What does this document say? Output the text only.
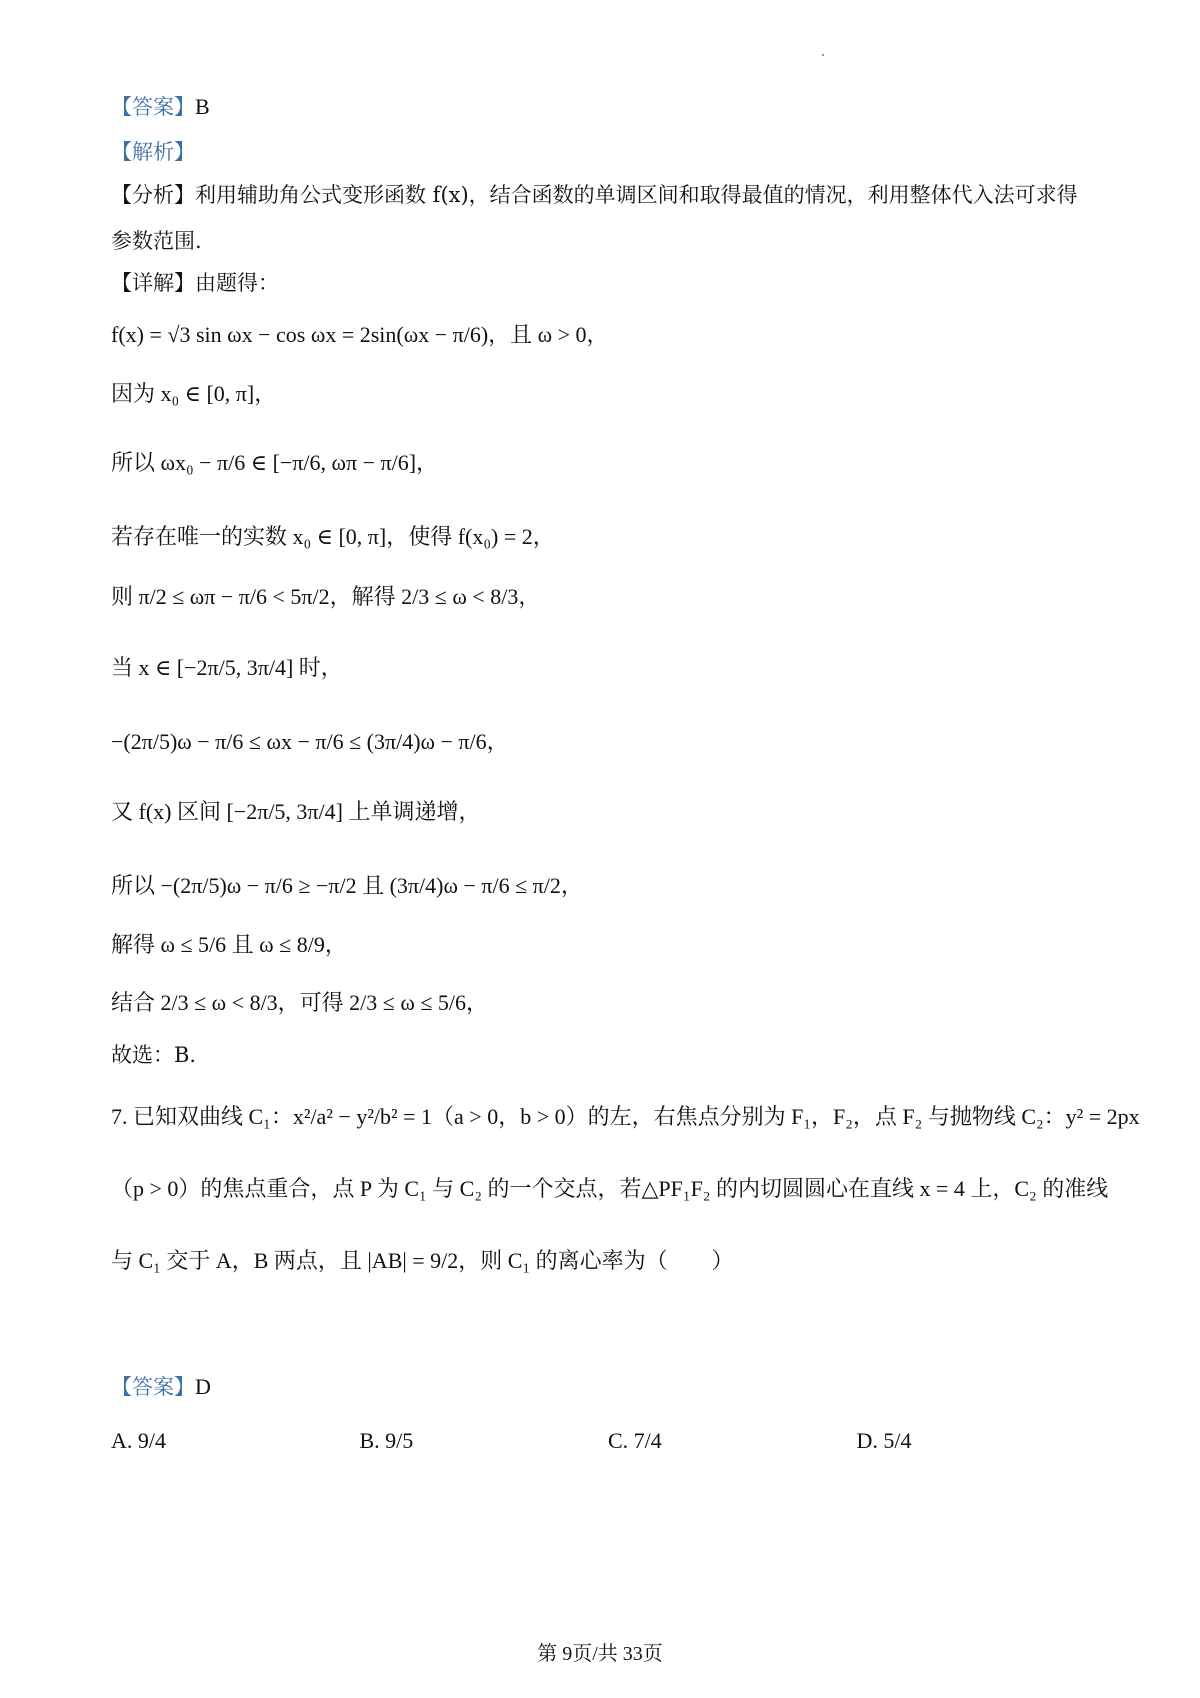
【答案】B
【解析】
【分析】利用辅助角公式变形函数 f(x)，结合函数的单调区间和取得最值的情况，利用整体代入法可求得
参数范围.
【详解】由题得：
f(x) = √3 sin ωx − cos ωx = 2sin(ωx − π/6)，且 ω > 0，
因为 x₀ ∈ [0, π]，
所以 ωx₀ − π/6 ∈ [−π/6, ωπ − π/6]，
若存在唯一的实数 x₀ ∈ [0, π]，使得 f(x₀) = 2，
则 π/2 ≤ ωπ − π/6 < 5π/2，解得 2/3 ≤ ω < 8/3，
当 x ∈ [−2π/5, 3π/4] 时，
−(2π/5)ω − π/6 ≤ ωx − π/6 ≤ (3π/4)ω − π/6，
又 f(x) 区间 [−2π/5, 3π/4] 上单调递增，
所以 −(2π/5)ω − π/6 ≥ −π/2 且 (3π/4)ω − π/6 ≤ π/2，
解得 ω ≤ 5/6 且 ω ≤ 8/9，
结合 2/3 ≤ ω < 8/3，可得 2/3 ≤ ω ≤ 5/6，
故选：B.
7. 已知双曲线 C₁：x²/a² − y²/b² = 1（a > 0，b > 0）的左，右焦点分别为 F₁，F₂，点 F₂ 与抛物线 C₂：y² = 2px
（p > 0）的焦点重合，点 P 为 C₁ 与 C₂ 的一个交点，若△PF₁F₂ 的内切圆圆心在直线 x = 4 上，C₂ 的准线
与 C₁ 交于 A，B 两点，且 |AB| = 9/2，则 C₁ 的离心率为（　　）
A. 9/4	B. 9/5	C. 7/4	D. 5/4
【答案】D
第 9页/共 33页
